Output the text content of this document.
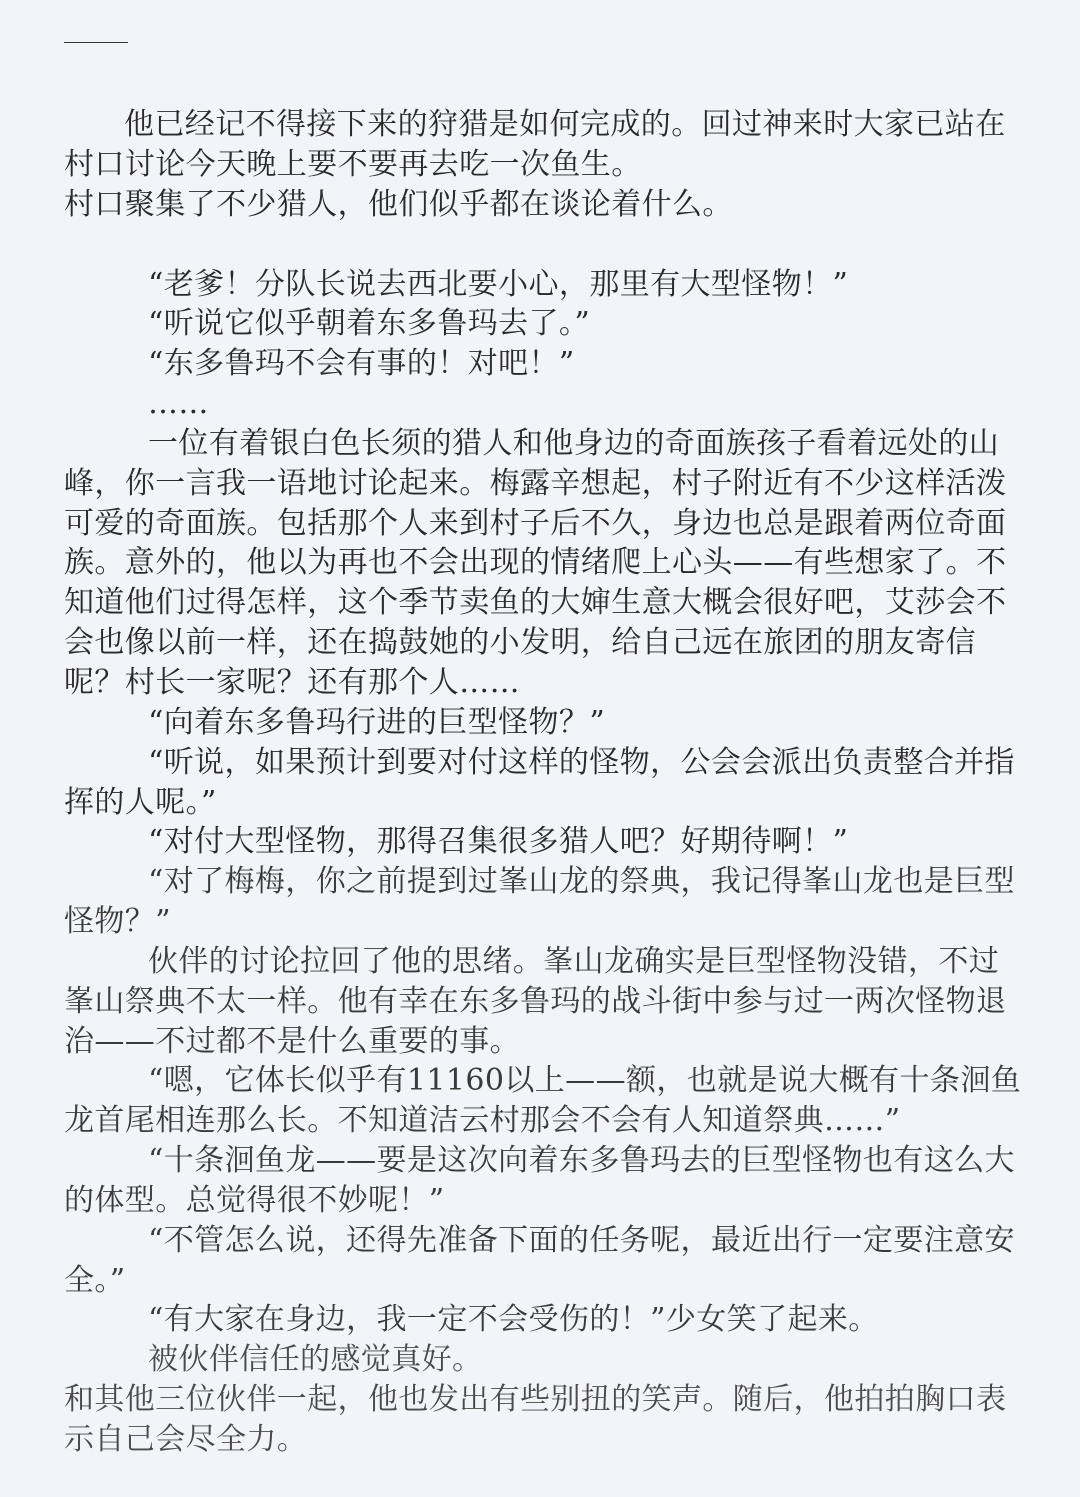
他已经记不得接下来的狩猎是如何完成的。回过神来时大家已站在村口讨论今天晚上要不要再去吃一次鱼生。

村口聚集了不少猎人，他们似乎都在谈论着什么。

“老爹！分队长说去西北要小心，那里有大型怪物！”

“听说它似乎朝着东多鲁玛去了。”

“东多鲁玛不会有事的！对吧！”

……

一位有着银白色长须的猎人和他身边的奇面族孩子看着远处的山峰，你一言我一语地讨论起来。梅露辛想起，村子附近有不少这样活泼可爱的奇面族。包括那个人来到村子后不久，身边也总是跟着两位奇面族。意外的，他以为再也不会出现的情绪爬上心头——有些想家了。不知道他们过得怎样，这个季节卖鱼的大婶生意大概会很好吧，艾莎会不会也像以前一样，还在捣鼓她的小发明，给自己远在旅团的朋友寄信呢？村长一家呢？还有那个人……

“向着东多鲁玛行进的巨型怪物？”

“听说，如果预计到要对付这样的怪物，公会会派出负责整合并指挥的人呢。”

“对付大型怪物，那得召集很多猎人吧？好期待啊！”

“对了梅梅，你之前提到过峯山龙的祭典，我记得峯山龙也是巨型怪物？”

伙伴的讨论拉回了他的思绪。峯山龙确实是巨型怪物没错，不过峯山祭典不太一样。他有幸在东多鲁玛的战斗街中参与过一两次怪物退治——不过都不是什么重要的事。

“嗯，它体长似乎有11160以上——额，也就是说大概有十条洄鱼龙首尾相连那么长。不知道洁云村那会不会有人知道祭典……”

“十条洄鱼龙——要是这次向着东多鲁玛去的巨型怪物也有这么大的体型。总觉得很不妙呢！”

“不管怎么说，还得先准备下面的任务呢，最近出行一定要注意安全。”

“有大家在身边，我一定不会受伤的！”少女笑了起来。

被伙伴信任的感觉真好。

和其他三位伙伴一起，他也发出有些别扭的笑声。随后，他拍拍胸口表示自己会尽全力。
